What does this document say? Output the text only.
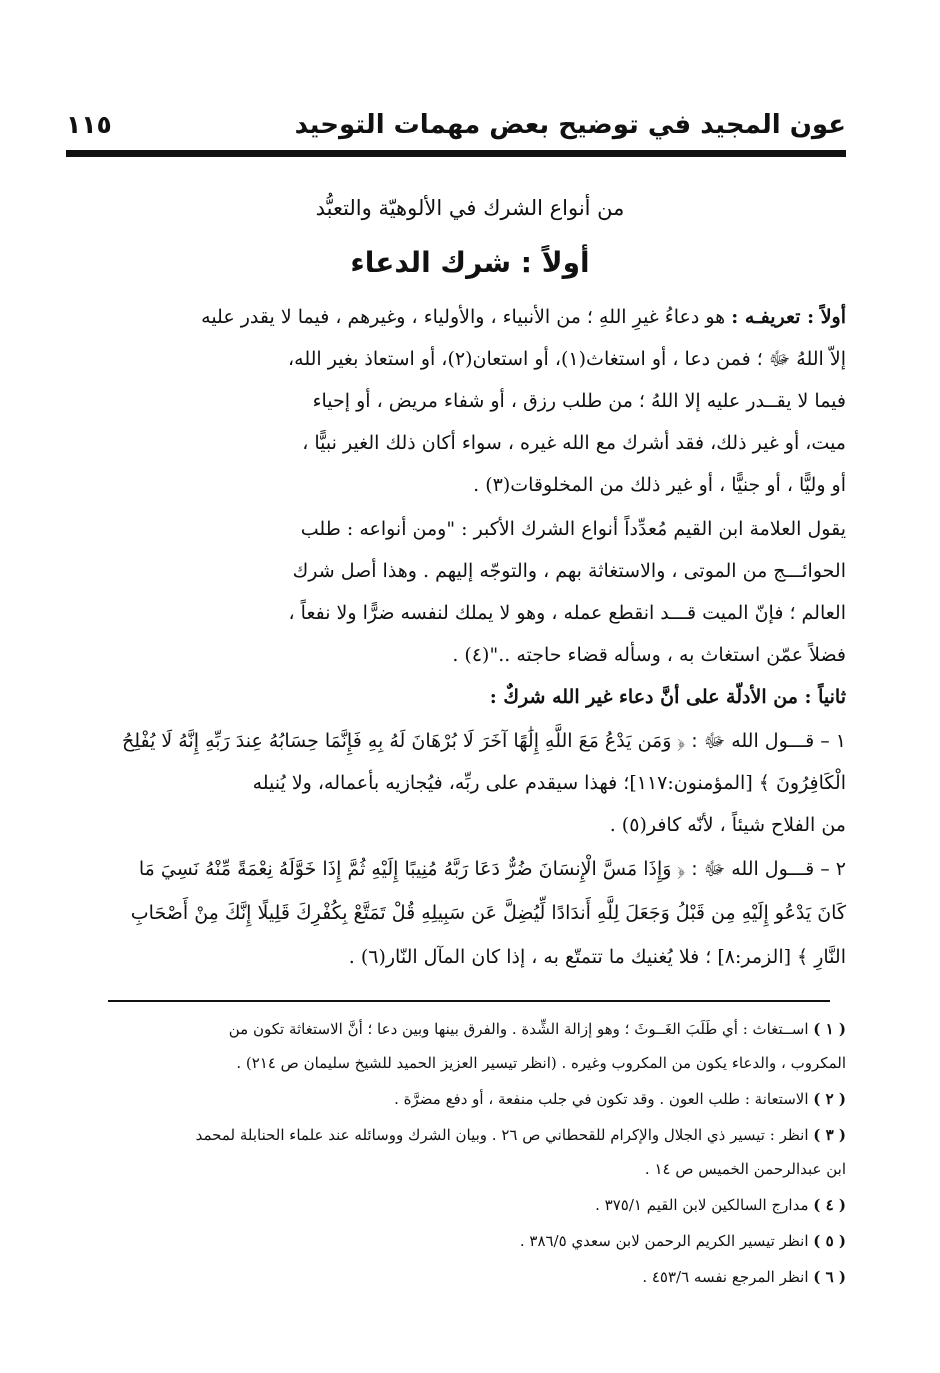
عون المجيد في توضيح بعض مهمات التوحيد
١١٥
من أنواع الشرك في الألوهيّة والتعبُّد
أولاً : شرك الدعاء
أولاً : تعريفـه : هو دعاءُ غيرِ اللهِ ؛ من الأنبياء ، والأولياء ، وغيرهم ، فيما لا يقدر عليه
إلاّ اللهُ ﷻ ؛ فمن دعا ، أو استغاث(١)، أو استعان(٢)، أو استعاذ بغير الله،
فيما لا يقــدر عليه إلا اللهُ ؛ من طلب رزق ، أو شفاء مريض ، أو إحياء
ميت، أو غير ذلك، فقد أشرك مع الله غيره ، سواء أكان ذلك الغير نبيًّا ،
أو وليًّا ، أو جنيًّا ، أو غير ذلك من المخلوقات(٣) .
يقول العلامة ابن القيم مُعدِّداً أنواع الشرك الأكبر : "ومن أنواعه : طلب
الحوائـــج من الموتى ، والاستغاثة بهم ، والتوجّه إليهم . وهذا أصل شرك
العالم ؛ فإنّ الميت قـــد انقطع عمله ، وهو لا يملك لنفسه ضرًّا ولا نفعاً ،
فضلاً عمّن استغاث به ، وسأله قضاء حاجته .."(٤) .
ثانياً : من الأدلّة على أنَّ دعاء غير الله شركٌ :
١ – قـــول الله ﷻ : ﴿ وَمَن يَدْعُ مَعَ اللَّهِ إِلَٰهًا آخَرَ لَا بُرْهَانَ لَهُ بِهِ فَإِنَّمَا حِسَابُهُ عِندَ رَبِّهِ إِنَّهُ لَا يُفْلِحُ
الْكَافِرُونَ ﴾ [المؤمنون:١١٧]؛ فهذا سيقدم على ربِّه، فيُجازيه بأعماله، ولا يُنيله
من الفلاح شيئاً ، لأنّه كافر(٥) .
٢ – قـــول الله ﷻ : ﴿ وَإِذَا مَسَّ الْإِنسَانَ ضُرٌّ دَعَا رَبَّهُ مُنِيبًا إِلَيْهِ ثُمَّ إِذَا خَوَّلَهُ نِعْمَةً مِّنْهُ نَسِيَ مَا
كَانَ يَدْعُو إِلَيْهِ مِن قَبْلُ وَجَعَلَ لِلَّهِ أَندَادًا لِّيُضِلَّ عَن سَبِيلِهِ قُلْ تَمَتَّعْ بِكُفْرِكَ قَلِيلًا إِنَّكَ مِنْ أَصْحَابِ
النَّارِ ﴾ [الزمر:٨] ؛ فلا يُغنيك ما تتمتّع به ، إذا كان المآل النّار(٦) .
( ١ ) اســتغاث : أي طَلَبَ الغَــوثَ ؛ وهو إزالة الشِّدة . والفرق بينها وبين دعا ؛ أنَّ الاستغاثة تكون من
المكروب ، والدعاء يكون من المكروب وغيره . (انظر تيسير العزيز الحميد للشيخ سليمان ص ٢١٤) .
( ٢ ) الاستعانة : طلب العون . وقد تكون في جلب منفعة ، أو دفع مضرَّة .
( ٣ ) انظر : تيسير ذي الجلال والإكرام للقحطاني ص ٢٦ . وبيان الشرك ووسائله عند علماء الحنابلة لمحمد
ابن عبدالرحمن الخميس ص ١٤ .
( ٤ ) مدارج السالكين لابن القيم ٣٧٥/١ .
( ٥ ) انظر تيسير الكريم الرحمن لابن سعدي ٣٨٦/٥ .
( ٦ ) انظر المرجع نفسه ٤٥٣/٦ .
